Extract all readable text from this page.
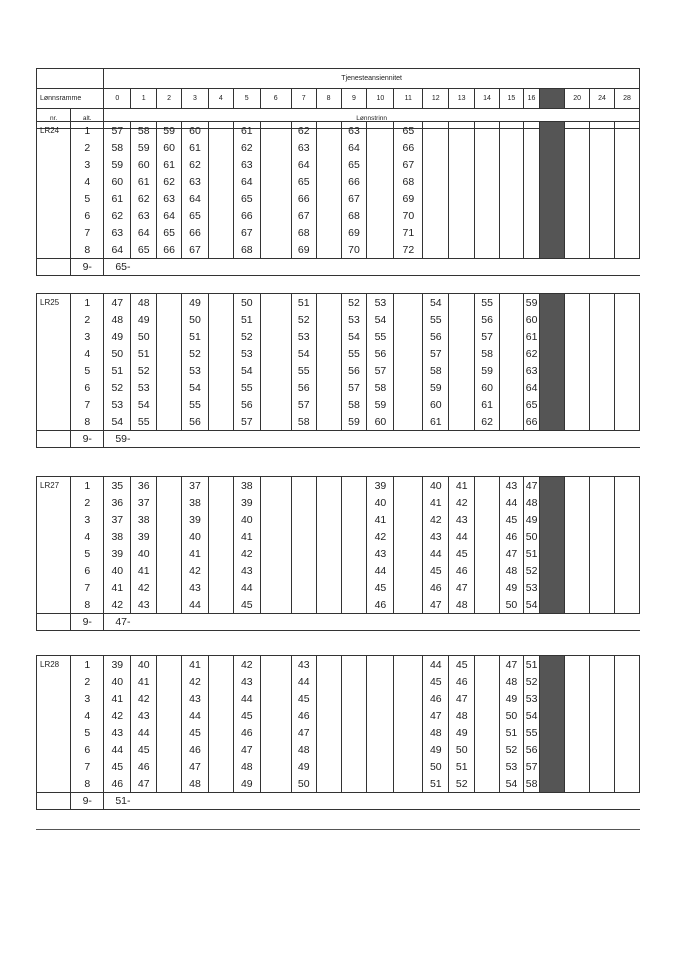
		Tjenesteansiennitet																				
Lønnsramme		0	1	2	3	4	5	6	7	8	9	10	11	12	13	14	15	16		20	24	28
nr.	alt.	Lønnstrinn																				
LR24	1	57	58	59	60		61		62		63		65									
	2	58	59	60	61		62		63		64		66									
	3	59	60	61	62		63		64		65		67									
	4	60	61	62	63		64		65		66		68									
	5	61	62	63	64		65		66		67		69									
	6	62	63	64	65		66		67		68		70									
	7	63	64	65	66		67		68		69		71									
	8	64	65	66	67		68		69		70		72									
	9-	65-																				
LR25	1	47	48		49		50		51		52	53		54		55		59				
	2	48	49		50		51		52		53	54		55		56		60				
	3	49	50		51		52		53		54	55		56		57		61				
	4	50	51		52		53		54		55	56		57		58		62				
	5	51	52		53		54		55		56	57		58		59		63				
	6	52	53		54		55		56		57	58		59		60		64				
	7	53	54		55		56		57		58	59		60		61		65				
	8	54	55		56		57		58		59	60		61		62		66				
	9-	59-																				
LR27	1	35	36		37		38					39		40	41		43	47				
	2	36	37		38		39					40		41	42		44	48				
	3	37	38		39		40					41		42	43		45	49				
	4	38	39		40		41					42		43	44		46	50				
	5	39	40		41		42					43		44	45		47	51				
	6	40	41		42		43					44		45	46		48	52				
	7	41	42		43		44					45		46	47		49	53				
	8	42	43		44		45					46		47	48		50	54				
	9-	47-																				
LR28	1	39	40		41		42		43					44	45		47	51				
	2	40	41		42		43		44					45	46		48	52				
	3	41	42		43		44		45					46	47		49	53				
	4	42	43		44		45		46					47	48		50	54				
	5	43	44		45		46		47					48	49		51	55				
	6	44	45		46		47		48					49	50		52	56				
	7	45	46		47		48		49					50	51		53	57				
	8	46	47		48		49		50					51	52		54	58				
	9-	51-																				
